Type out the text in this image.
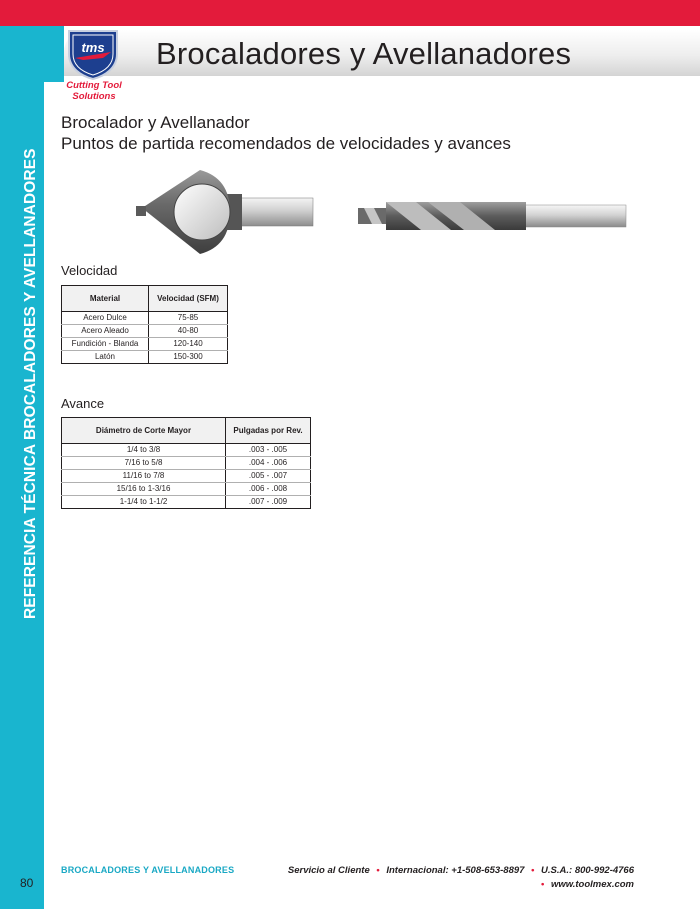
tms
Cutting Tool
Solutions
Brocaladores y Avellanadores
REFERENCIA TÉCNICA BROCALADORES Y AVELLANADORES
Brocalador y Avellanador
Puntos de partida recomendados de velocidades y avances
Velocidad
Material	Velocidad (SFM)
Acero Dulce	75-85
Acero Aleado	40-80
Fundición - Blanda	120-140
Latón	150-300
Avance
Diámetro de Corte Mayor	Pulgadas por Rev.
1/4 to 3/8	.003 - .005
7/16 to 5/8	.004 - .006
11/16 to 7/8	.005 - .007
15/16 to 1-3/16	.006 - .008
1-1/4 to 1-1/2	.007 - .009
80
BROCALADORES Y AVELLANADORES	Servicio al Cliente • Internacional: +1-508-653-8897 • U.S.A.: 800-992-4766
• www.toolmex.com
